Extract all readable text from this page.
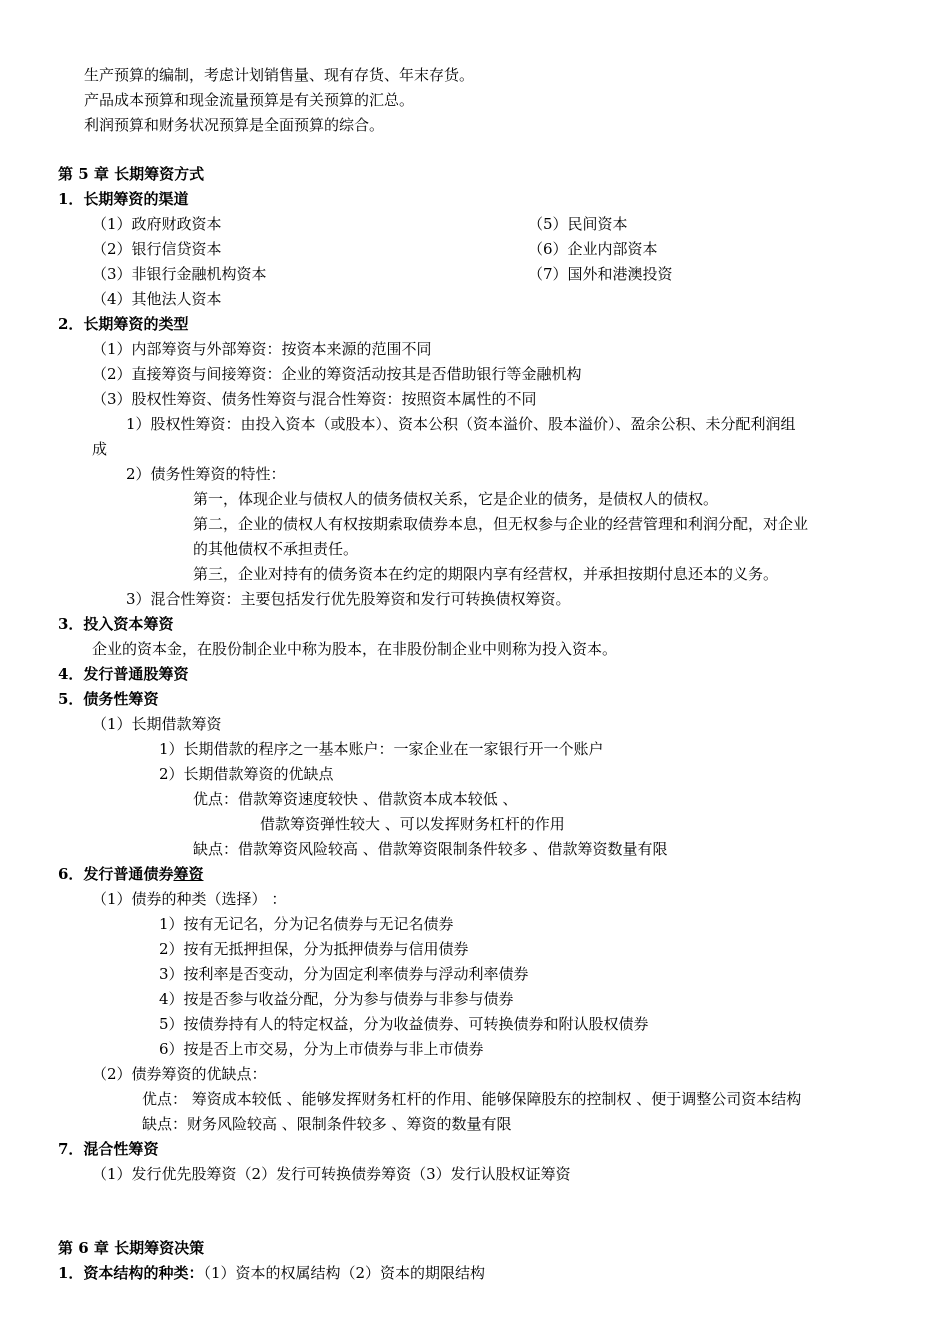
生产预算的编制，考虑计划销售量、现有存货、年末存货。
产品成本预算和现金流量预算是有关预算的汇总。
利润预算和财务状况预算是全面预算的综合。
第 5 章 长期筹资方式
1．长期筹资的渠道
（1）政府财政资本
（2）银行信贷资本
（3）非银行金融机构资本
（4）其他法人资本
（5）民间资本
（6）企业内部资本
（7）国外和港澳投资
2．长期筹资的类型
（1）内部筹资与外部筹资：按资本来源的范围不同
（2）直接筹资与间接筹资：企业的筹资活动按其是否借助银行等金融机构
（3）股权性筹资、债务性筹资与混合性筹资：按照资本属性的不同
1）股权性筹资：由投入资本（或股本）、资本公积（资本溢价、股本溢价）、盈余公积、未分配利润组
成
2）债务性筹资的特性：
第一，体现企业与债权人的债务债权关系，它是企业的债务，是债权人的债权。
第二，企业的债权人有权按期索取债券本息，但无权参与企业的经营管理和利润分配，对企业
的其他债权不承担责任。
第三，企业对持有的债务资本在约定的期限内享有经营权，并承担按期付息还本的义务。
3）混合性筹资：主要包括发行优先股筹资和发行可转换债权筹资。
3．投入资本筹资
企业的资本金，在股份制企业中称为股本，在非股份制企业中则称为投入资本。
4．发行普通股筹资
5．债务性筹资
（1）长期借款筹资
1）长期借款的程序之一基本账户：一家企业在一家银行开一个账户
2）长期借款筹资的优缺点
优点：借款筹资速度较快 、借款资本成本较低 、
借款筹资弹性较大 、可以发挥财务杠杆的作用
缺点：借款筹资风险较高 、借款筹资限制条件较多 、借款筹资数量有限
6．发行普通债券筹资
（1）债券的种类（选择） ：
1）按有无记名，分为记名债券与无记名债券
2）按有无抵押担保，分为抵押债券与信用债券
3）按利率是否变动，分为固定利率债券与浮动利率债券
4）按是否参与收益分配，分为参与债券与非参与债券
5）按债券持有人的特定权益，分为收益债券、可转换债券和附认股权债券
6）按是否上市交易，分为上市债券与非上市债券
（2）债券筹资的优缺点：
优点： 筹资成本较低 、能够发挥财务杠杆的作用、能够保障股东的控制权 、便于调整公司资本结构
缺点：财务风险较高 、限制条件较多 、筹资的数量有限
7．混合性筹资
（1）发行优先股筹资（2）发行可转换债券筹资（3）发行认股权证筹资
第 6 章 长期筹资决策
1．资本结构的种类：（1）资本的权属结构（2）资本的期限结构
